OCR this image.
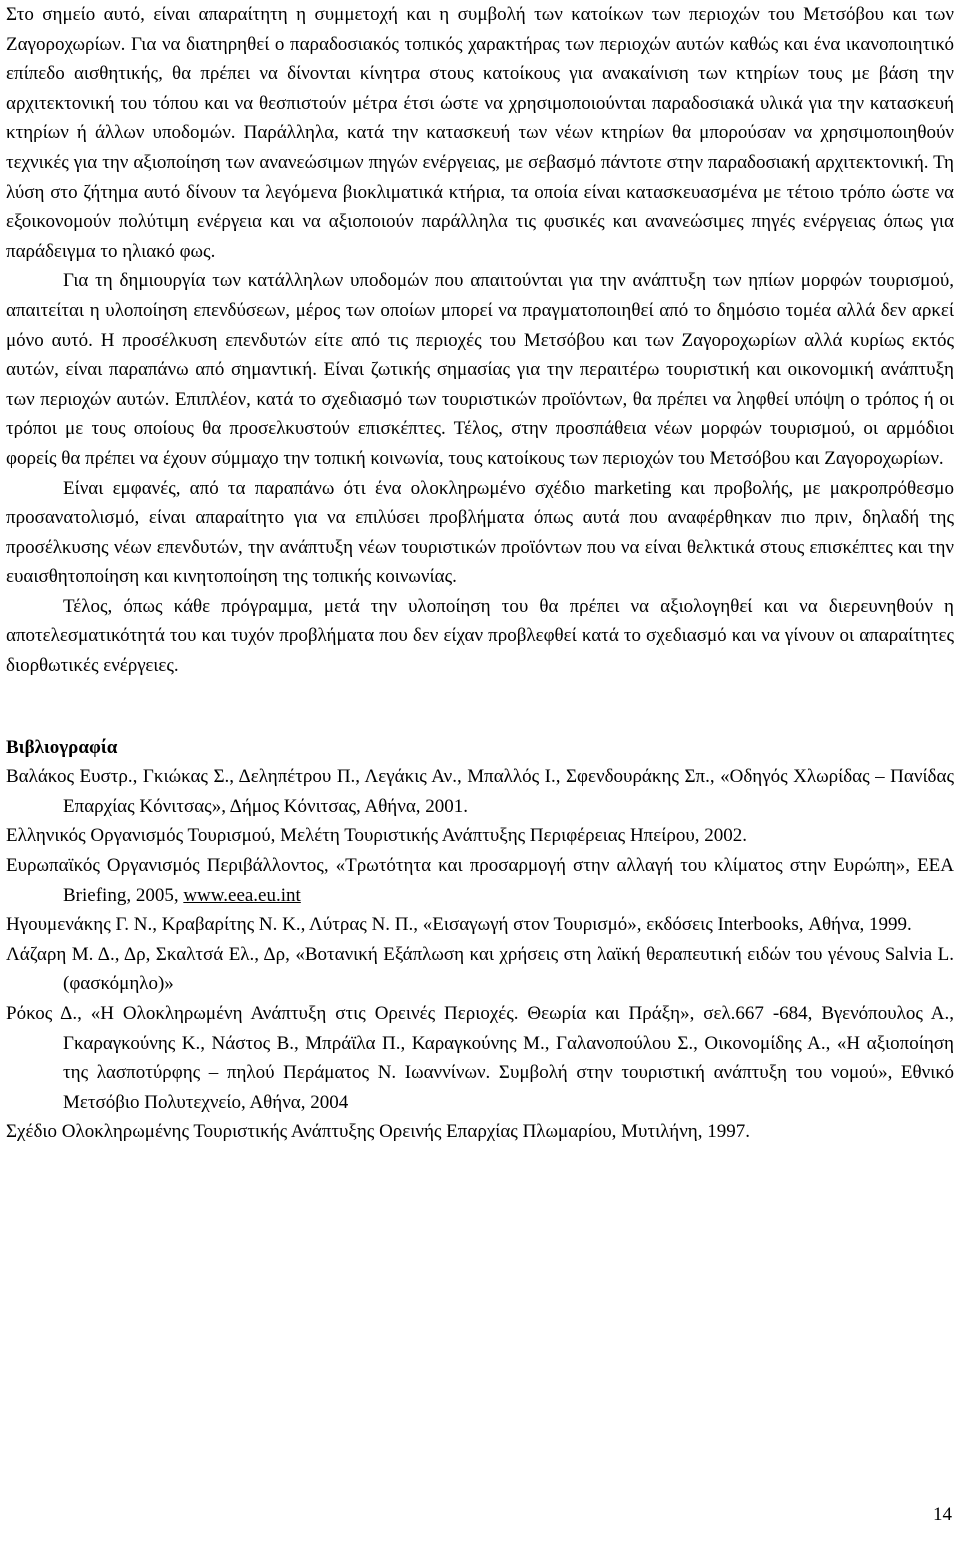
Στο σημείο αυτό, είναι απαραίτητη η συμμετοχή και η συμβολή των κατοίκων των περιοχών του Μετσόβου και των Ζαγοροχωρίων. Για να διατηρηθεί ο παραδοσιακός τοπικός χαρακτήρας των περιοχών αυτών καθώς και ένα ικανοποιητικό επίπεδο αισθητικής, θα πρέπει να δίνονται κίνητρα στους κατοίκους για ανακαίνιση των κτηρίων τους με βάση την αρχιτεκτονική του τόπου και να θεσπιστούν μέτρα έτσι ώστε να χρησιμοποιούνται παραδοσιακά υλικά για την κατασκευή κτηρίων ή άλλων υποδομών. Παράλληλα, κατά την κατασκευή των νέων κτηρίων θα μπορούσαν να χρησιμοποιηθούν τεχνικές για την αξιοποίηση των ανανεώσιμων πηγών ενέργειας, με σεβασμό πάντοτε στην παραδοσιακή αρχιτεκτονική. Τη λύση στο ζήτημα αυτό δίνουν τα λεγόμενα βιοκλιματικά κτήρια, τα οποία είναι κατασκευασμένα με τέτοιο τρόπο ώστε να εξοικονομούν πολύτιμη ενέργεια και να αξιοποιούν παράλληλα τις φυσικές και ανανεώσιμες πηγές ενέργειας όπως για παράδειγμα το ηλιακό φως.

Για τη δημιουργία των κατάλληλων υποδομών που απαιτούνται για την ανάπτυξη των ηπίων μορφών τουρισμού, απαιτείται η υλοποίηση επενδύσεων, μέρος των οποίων μπορεί να πραγματοποιηθεί από το δημόσιο τομέα αλλά δεν αρκεί μόνο αυτό. Η προσέλκυση επενδυτών είτε από τις περιοχές του Μετσόβου και των Ζαγοροχωρίων αλλά κυρίως εκτός αυτών, είναι παραπάνω από σημαντική. Είναι ζωτικής σημασίας για την περαιτέρω τουριστική και οικονομική ανάπτυξη των περιοχών αυτών. Επιπλέον, κατά το σχεδιασμό των τουριστικών προϊόντων, θα πρέπει να ληφθεί υπόψη ο τρόπος ή οι τρόποι με τους οποίους θα προσελκυστούν επισκέπτες. Τέλος, στην προσπάθεια νέων μορφών τουρισμού, οι αρμόδιοι φορείς θα πρέπει να έχουν σύμμαχο την τοπική κοινωνία, τους κατοίκους των περιοχών του Μετσόβου και Ζαγοροχωρίων.

Είναι εμφανές, από τα παραπάνω ότι ένα ολοκληρωμένο σχέδιο marketing και προβολής, με μακροπρόθεσμο προσανατολισμό, είναι απαραίτητο για να επιλύσει προβλήματα όπως αυτά που αναφέρθηκαν πιο πριν, δηλαδή της προσέλκυσης νέων επενδυτών, την ανάπτυξη νέων τουριστικών προϊόντων που να είναι θελκτικά στους επισκέπτες και την ευαισθητοποίηση και κινητοποίηση της τοπικής κοινωνίας.

Τέλος, όπως κάθε πρόγραμμα, μετά την υλοποίηση του θα πρέπει να αξιολογηθεί και να διερευνηθούν η αποτελεσματικότητά του και τυχόν προβλήματα που δεν είχαν προβλεφθεί κατά το σχεδιασμό και να γίνουν οι απαραίτητες διορθωτικές ενέργειες.

Βιβλιογραφία
Βαλάκος Ευστρ., Γκιώκας Σ., Δεληπέτρου Π., Λεγάκις Αν., Μπαλλός Ι., Σφενδουράκης Σπ., «Οδηγός Χλωρίδας – Πανίδας Επαρχίας Κόνιτσας», Δήμος Κόνιτσας, Αθήνα, 2001.
Ελληνικός Οργανισμός Τουρισμού, Μελέτη Τουριστικής Ανάπτυξης Περιφέρειας Ηπείρου, 2002.
Ευρωπαϊκός Οργανισμός Περιβάλλοντος, «Τρωτότητα και προσαρμογή στην αλλαγή του κλίματος στην Ευρώπη», EEA Briefing, 2005, www.eea.eu.int
Ηγουμενάκης Γ. Ν., Κραβαρίτης Ν. Κ., Λύτρας Ν. Π., «Εισαγωγή στον Τουρισμό», εκδόσεις Interbooks, Αθήνα, 1999.
Λάζαρη Μ. Δ., Δρ, Σκαλτσά Ελ., Δρ, «Βοτανική Εξάπλωση και χρήσεις στη λαϊκή θεραπευτική ειδών του γένους Salvia L. (φασκόμηλο)»
Ρόκος Δ., «Η Ολοκληρωμένη Ανάπτυξη στις Ορεινές Περιοχές. Θεωρία και Πράξη», σελ.667 -684, Βγενόπουλος Α., Γκαραγκούνης Κ., Νάστος Β., Μπράϊλα Π., Καραγκούνης Μ., Γαλανοπούλου Σ., Οικονομίδης Α., «Η αξιοποίηση της λασποτύρφης – πηλού Περάματος Ν. Ιωαννίνων. Συμβολή στην τουριστική ανάπτυξη του νομού», Εθνικό Μετσόβιο Πολυτεχνείο, Αθήνα, 2004
Σχέδιο Ολοκληρωμένης Τουριστικής Ανάπτυξης Ορεινής Επαρχίας Πλωμαρίου, Μυτιλήνη, 1997.
14
